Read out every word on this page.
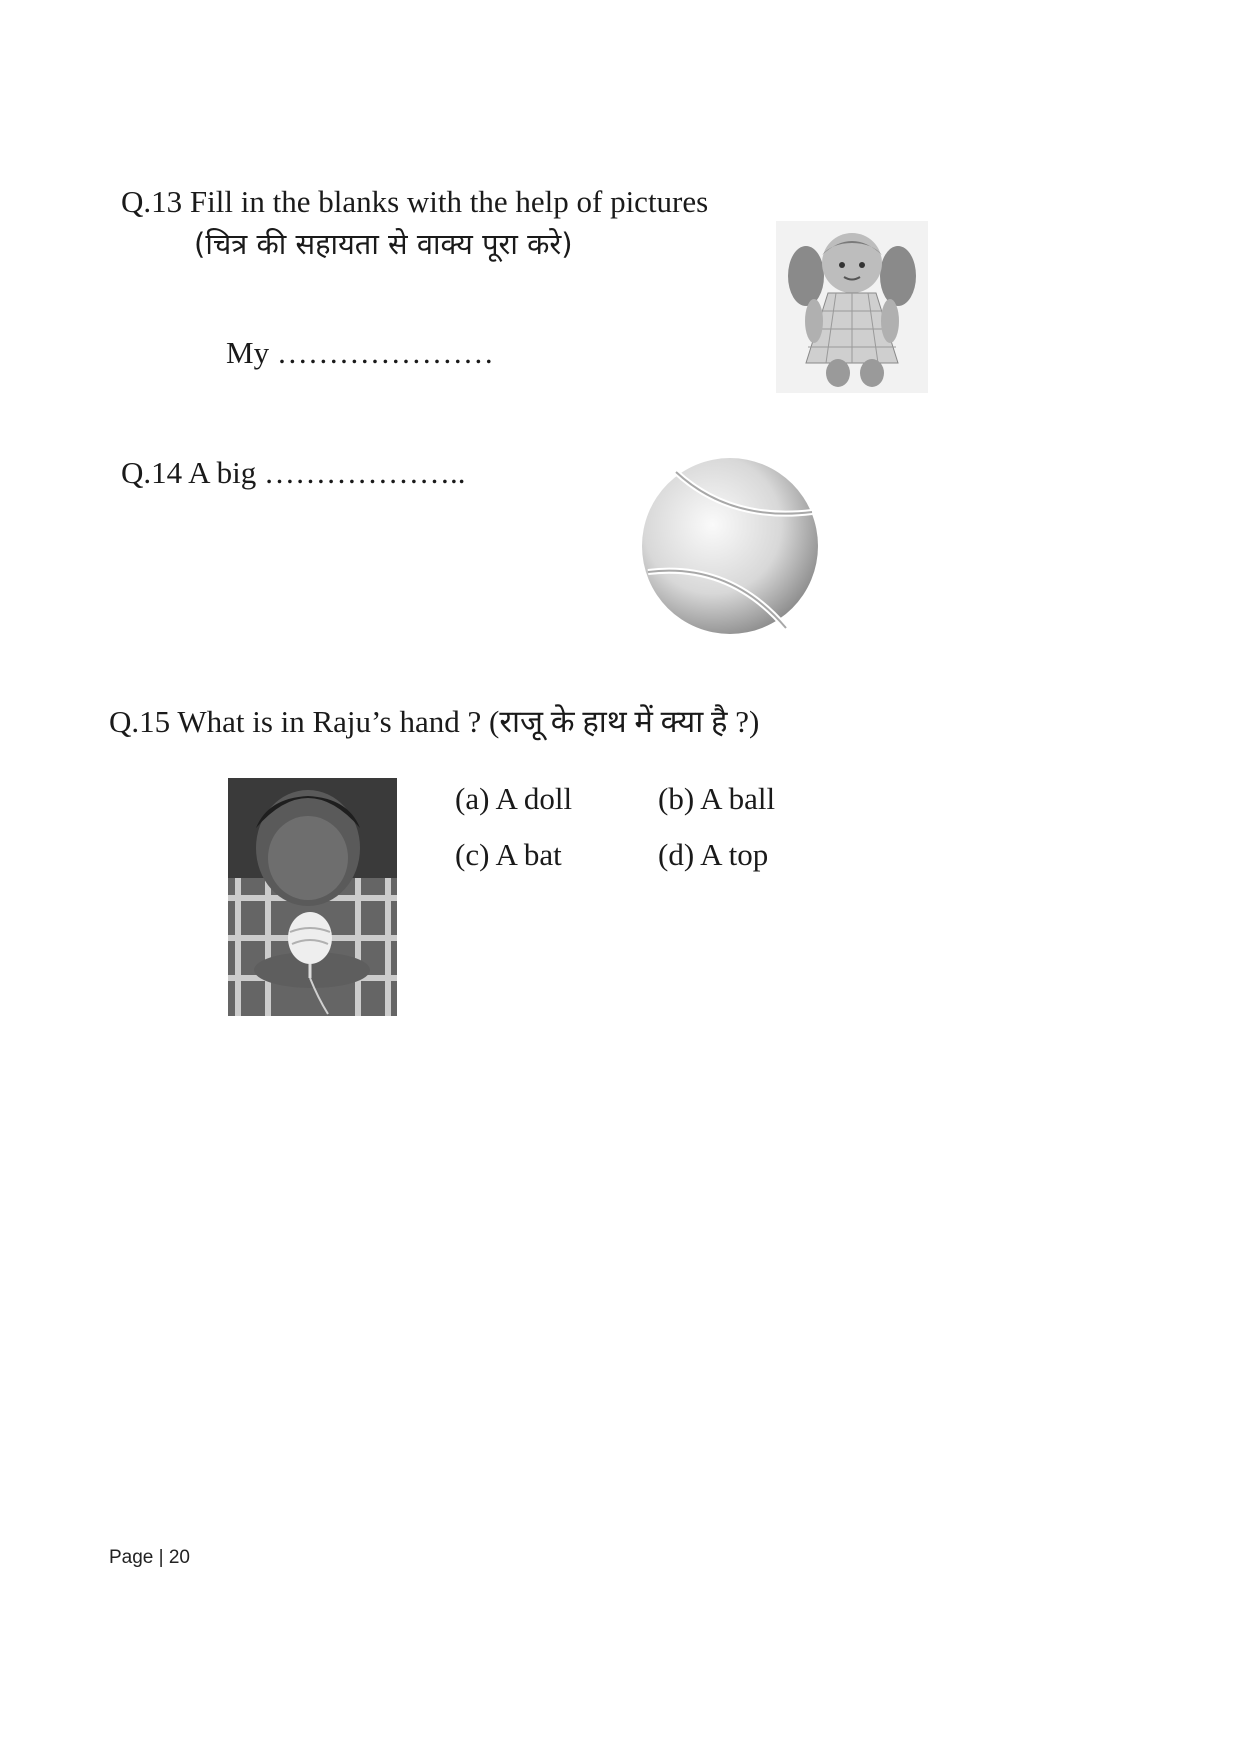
Q.13 Fill in the blanks with the help of pictures
(चित्र की सहायता से वाक्य पूरा करे)
My …………………
Q.14 A big ………………..
Q.15 What is in Raju’s hand ? (राजू के हाथ में क्या है ?)
(a) A doll	(b) A ball
(c) A bat	(d) A top
Page | 20
